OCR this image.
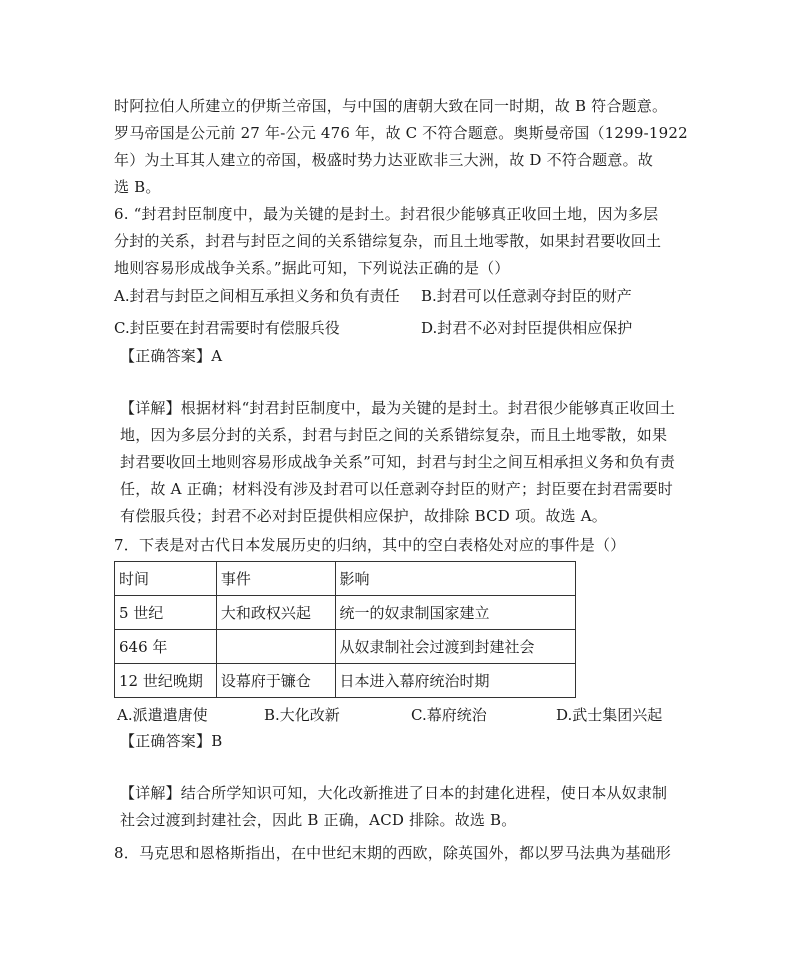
时阿拉伯人所建立的伊斯兰帝国，与中国的唐朝大致在同一时期，故 B 符合题意。
罗马帝国是公元前 27 年-公元 476 年，故 C 不符合题意。奥斯曼帝国（1299-1922
年）为土耳其人建立的帝国，极盛时势力达亚欧非三大洲，故 D 不符合题意。故
选 B。
6. “封君封臣制度中，最为关键的是封土。封君很少能够真正收回土地，因为多层
分封的关系，封君与封臣之间的关系错综复杂，而且土地零散，如果封君要收回土
地则容易形成战争关系。”据此可知，下列说法正确的是（）
A.封君与封臣之间相互承担义务和负有责任 B.封君可以任意剥夺封臣的财产
C.封臣要在封君需要时有偿服兵役	D.封君不必对封臣提供相应保护
【正确答案】A
【详解】根据材料“封君封臣制度中，最为关键的是封土。封君很少能够真正收回土
地，因为多层分封的关系，封君与封臣之间的关系错综复杂，而且土地零散，如果
封君要收回土地则容易形成战争关系”可知，封君与封尘之间互相承担义务和负有责
任，故 A 正确；材料没有涉及封君可以任意剥夺封臣的财产；封臣要在封君需要时
有偿服兵役；封君不必对封臣提供相应保护，故排除 BCD 项。故选 A。
7．下表是对古代日本发展历史的归纳，其中的空白表格处对应的事件是（）
时间	事件	影响
5 世纪	大和政权兴起	统一的奴隶制国家建立
646 年		从奴隶制社会过渡到封建社会
12 世纪晚期	设幕府于镰仓	日本进入幕府统治时期
A.派遣遣唐使	B.大化改新	C.幕府统治	D.武士集团兴起
【正确答案】B
【详解】结合所学知识可知，大化改新推进了日本的封建化进程，使日本从奴隶制
社会过渡到封建社会，因此 B 正确，ACD 排除。故选 B。
8．马克思和恩格斯指出，在中世纪末期的西欧，除英国外，都以罗马法典为基础形
